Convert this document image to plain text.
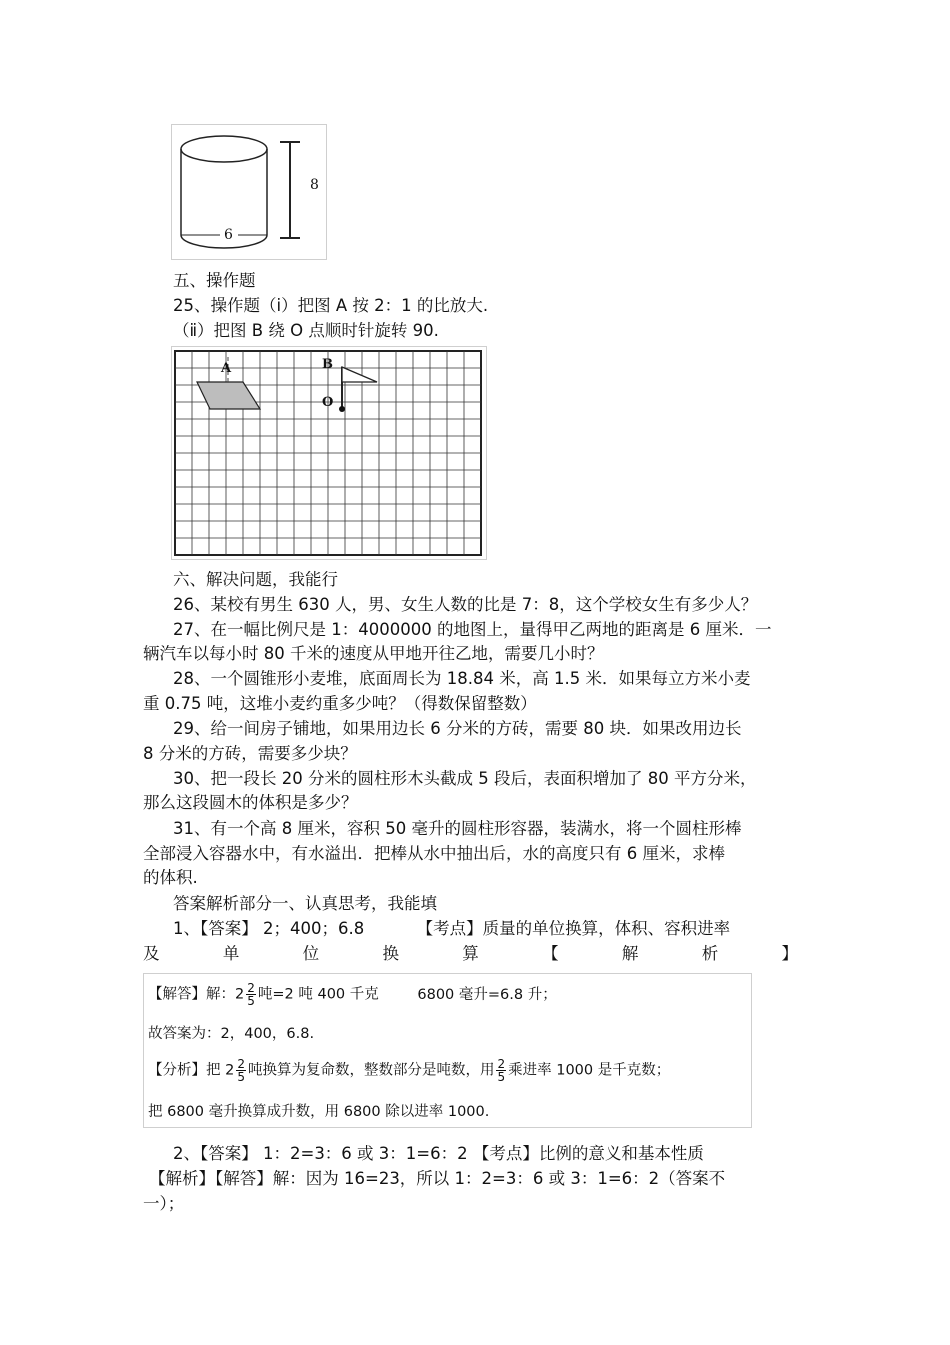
8
6
五、操作题
25、操作题（ⅰ）把图 A 按 2：1 的比放大.
（ⅱ）把图 B 绕 O 点顺时针旋转 90.
A	B
O
六、解决问题，我能行
26、某校有男生 630 人，男、女生人数的比是 7：8，这个学校女生有多少人？
27、在一幅比例尺是 1：4000000 的地图上，量得甲乙两地的距离是 6 厘米．一
辆汽车以每小时 80 千米的速度从甲地开往乙地，需要几小时？
28、一个圆锥形小麦堆，底面周长为 18.84 米，高 1.5 米．如果每立方米小麦
重 0.75 吨，这堆小麦约重多少吨？（得数保留整数）
29、给一间房子铺地，如果用边长 6 分米的方砖，需要 80 块．如果改用边长
8 分米的方砖，需要多少块？
30、把一段长 20 分米的圆柱形木头截成 5 段后，表面积增加了 80 平方分米，
那么这段圆木的体积是多少？
31、有一个高 8 厘米，容积 50 毫升的圆柱形容器，装满水，将一个圆柱形棒
全部浸入容器水中，有水溢出．把棒从水中抽出后，水的高度只有 6 厘米，求棒
的体积.
答案解析部分一、认真思考，我能填
1、【答案】 2；400；6.8          【考点】质量的单位换算，体积、容积进率
及	单	位	换	算	【	解	析	】
【解答】解：$2 \frac{2}{5}$ 吨=2 吨 400 千克	6800 毫升=6.8 升；
故答案为：2，400，6.8.
【分析】把 $2 \frac{2}{5}$ 吨换算为复命数，整数部分是吨数，用 $\frac{2}{5}$ 乘进率 1000 是千克数；
把 6800 毫升换算成升数，用 6800 除以进率 1000.
2、【答案】 1：2=3：6 或 3：1=6：2 【考点】比例的意义和基本性质
【解析】【解答】解：因为 16=23，所以 1：2=3：6 或 3：1=6：2（答案不
一）；
